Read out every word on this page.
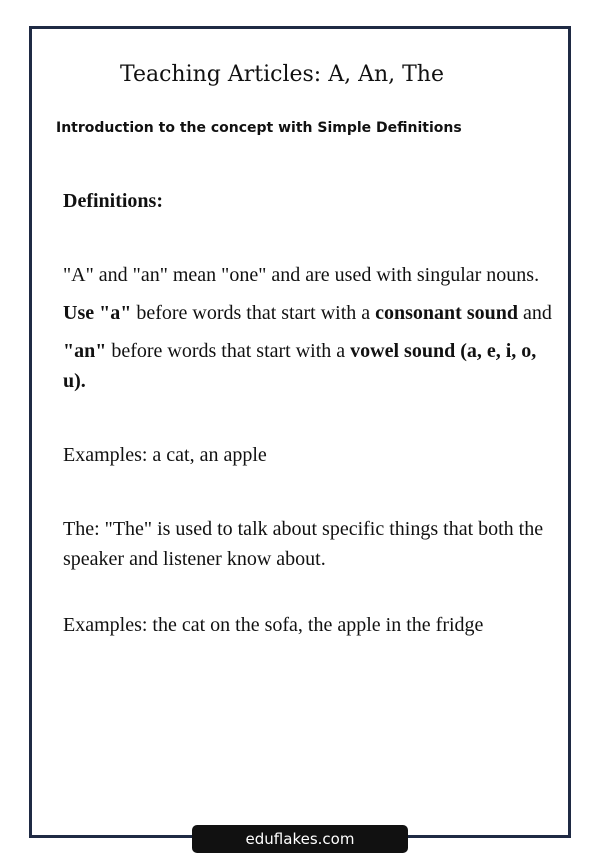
Teaching Articles: A, An, The
Introduction to the concept with Simple Definitions

Definitions:

"A" and "an" mean "one" and are used with singular nouns.

Use "a" before words that start with a consonant sound and

"an" before words that start with a vowel sound (a, e, i, o, u).

Examples: a cat, an apple

The: "The" is used to talk about specific things that both the speaker and listener know about.

Examples: the cat on the sofa, the apple in the fridge

eduflakes.com
